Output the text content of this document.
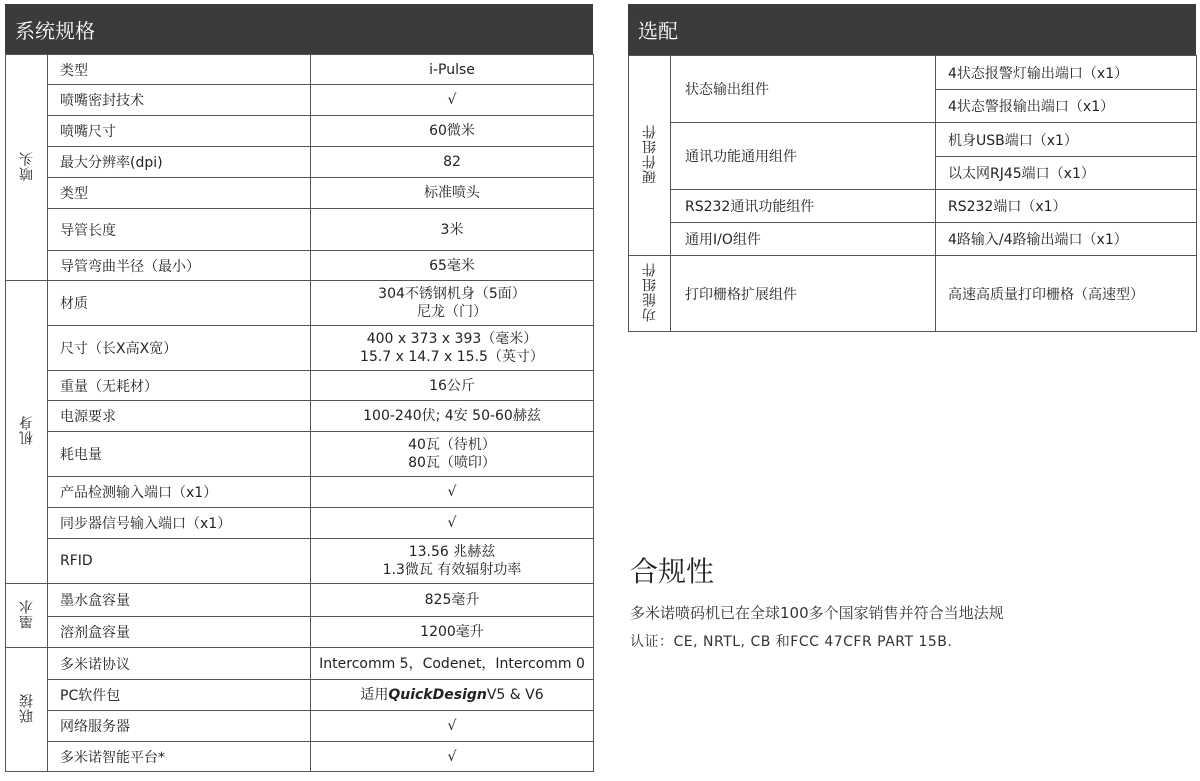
系统规格
喷头	类型	i-Pulse
	喷嘴密封技术	√
	喷嘴尺寸	60微米
	最大分辨率(dpi)	82
	类型	标准喷头
	导管长度	3米
	导管弯曲半径（最小）	65毫米
机身	材质	304不锈钢机身（5面）
尼龙（门）

	尺寸（长X高X宽）	400 x 373 x 393（毫米）
15.7 x 14.7 x 15.5（英寸）

	重量（无耗材）	16公斤
	电源要求	100-240伏; 4安 50-60赫兹
	耗电量	40瓦（待机）
80瓦（喷印）

	产品检测输入端口（x1）	√
	同步器信号输入端口（x1）	√
	RFID	13.56 兆赫兹
1.3微瓦 有效辐射功率

墨水	墨水盒容量	825毫升
	溶剂盒容量	1200毫升
联接	多米诺协议	Intercomm 5，Codenet，Intercomm 0
	PC软件包	适用QuickDesignV5 & V6
	网络服务器	√
	多米诺智能平台*	√
选配
硬件组件	状态输出组件	4状态报警灯输出端口（x1）
		4状态警报输出端口（x1）
	通讯功能通用组件	机身USB端口（x1）
		以太网RJ45端口（x1）
	RS232通讯功能组件	RS232端口（x1）
	通用I/O组件	4路输入/4路输出端口（x1）
功能组件	打印栅格扩展组件	高速高质量打印栅格（高速型）
合规性
多米诺喷码机已在全球100多个国家销售并符合当地法规
认证：CE, NRTL, CB 和FCC 47CFR PART 15B.
